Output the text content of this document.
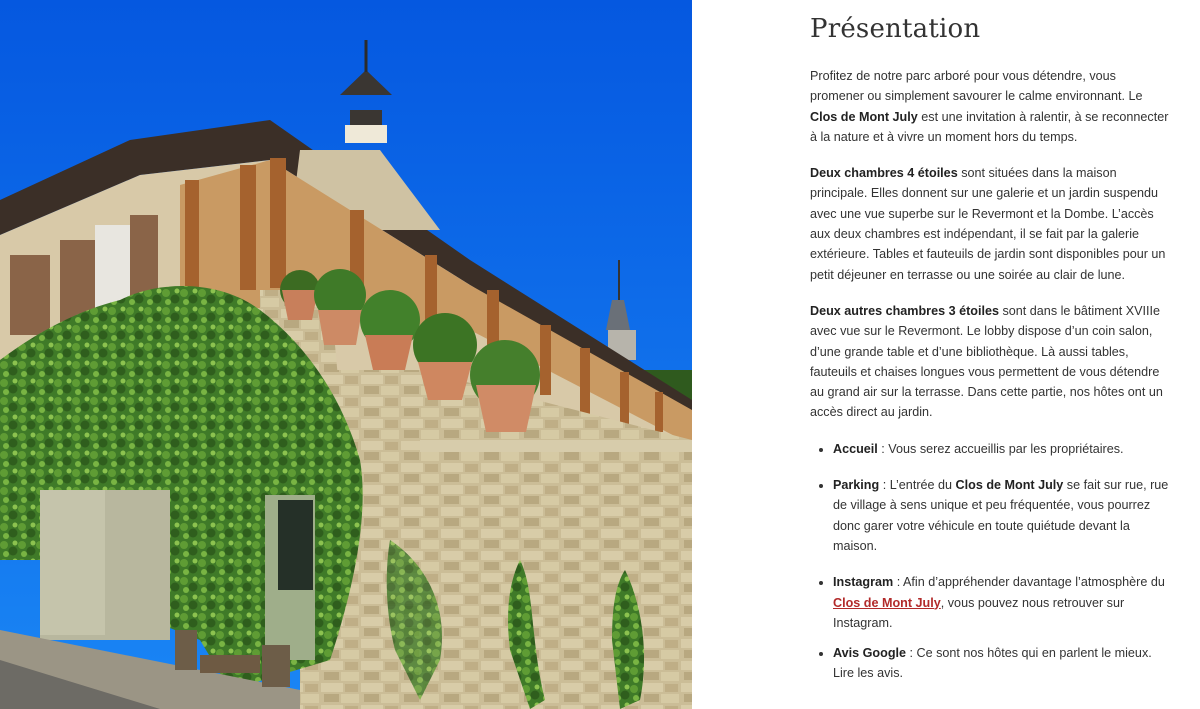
Présentation

Profitez de notre parc arboré pour vous détendre, vous promener ou simplement savourer le calme environnant. Le Clos de Mont July est une invitation à ralentir, à se reconnecter à la nature et à vivre un moment hors du temps.

Deux chambres 4 étoiles sont situées dans la maison principale. Elles donnent sur une galerie et un jardin suspendu avec une vue superbe sur le Revermont et la Dombe. L’accès aux deux chambres est indépendant, il se fait par la galerie extérieure. Tables et fauteuils de jardin sont disponibles pour un petit déjeuner en terrasse ou une soirée au clair de lune.

Deux autres chambres 3 étoiles sont dans le bâtiment XVIIIe avec vue sur le Revermont. Le lobby dispose d’un coin salon, d’une grande table et d’une bibliothèque. Là aussi tables, fauteuils et chaises longues vous permettent de vous détendre au grand air sur la terrasse. Dans cette partie, nos hôtes ont un accès direct au jardin.

• Accueil : Vous serez accueillis par les propriétaires.
• Parking : L’entrée du Clos de Mont July se fait sur rue, rue de village à sens unique et peu fréquentée, vous pourrez donc garer votre véhicule en toute quiétude devant la maison.
• Instagram : Afin d’appréhender davantage l’atmosphère du Clos de Mont July, vous pouvez nous retrouver sur Instagram.
• Avis Google : Ce sont nos hôtes qui en parlent le mieux. Lire les avis.
